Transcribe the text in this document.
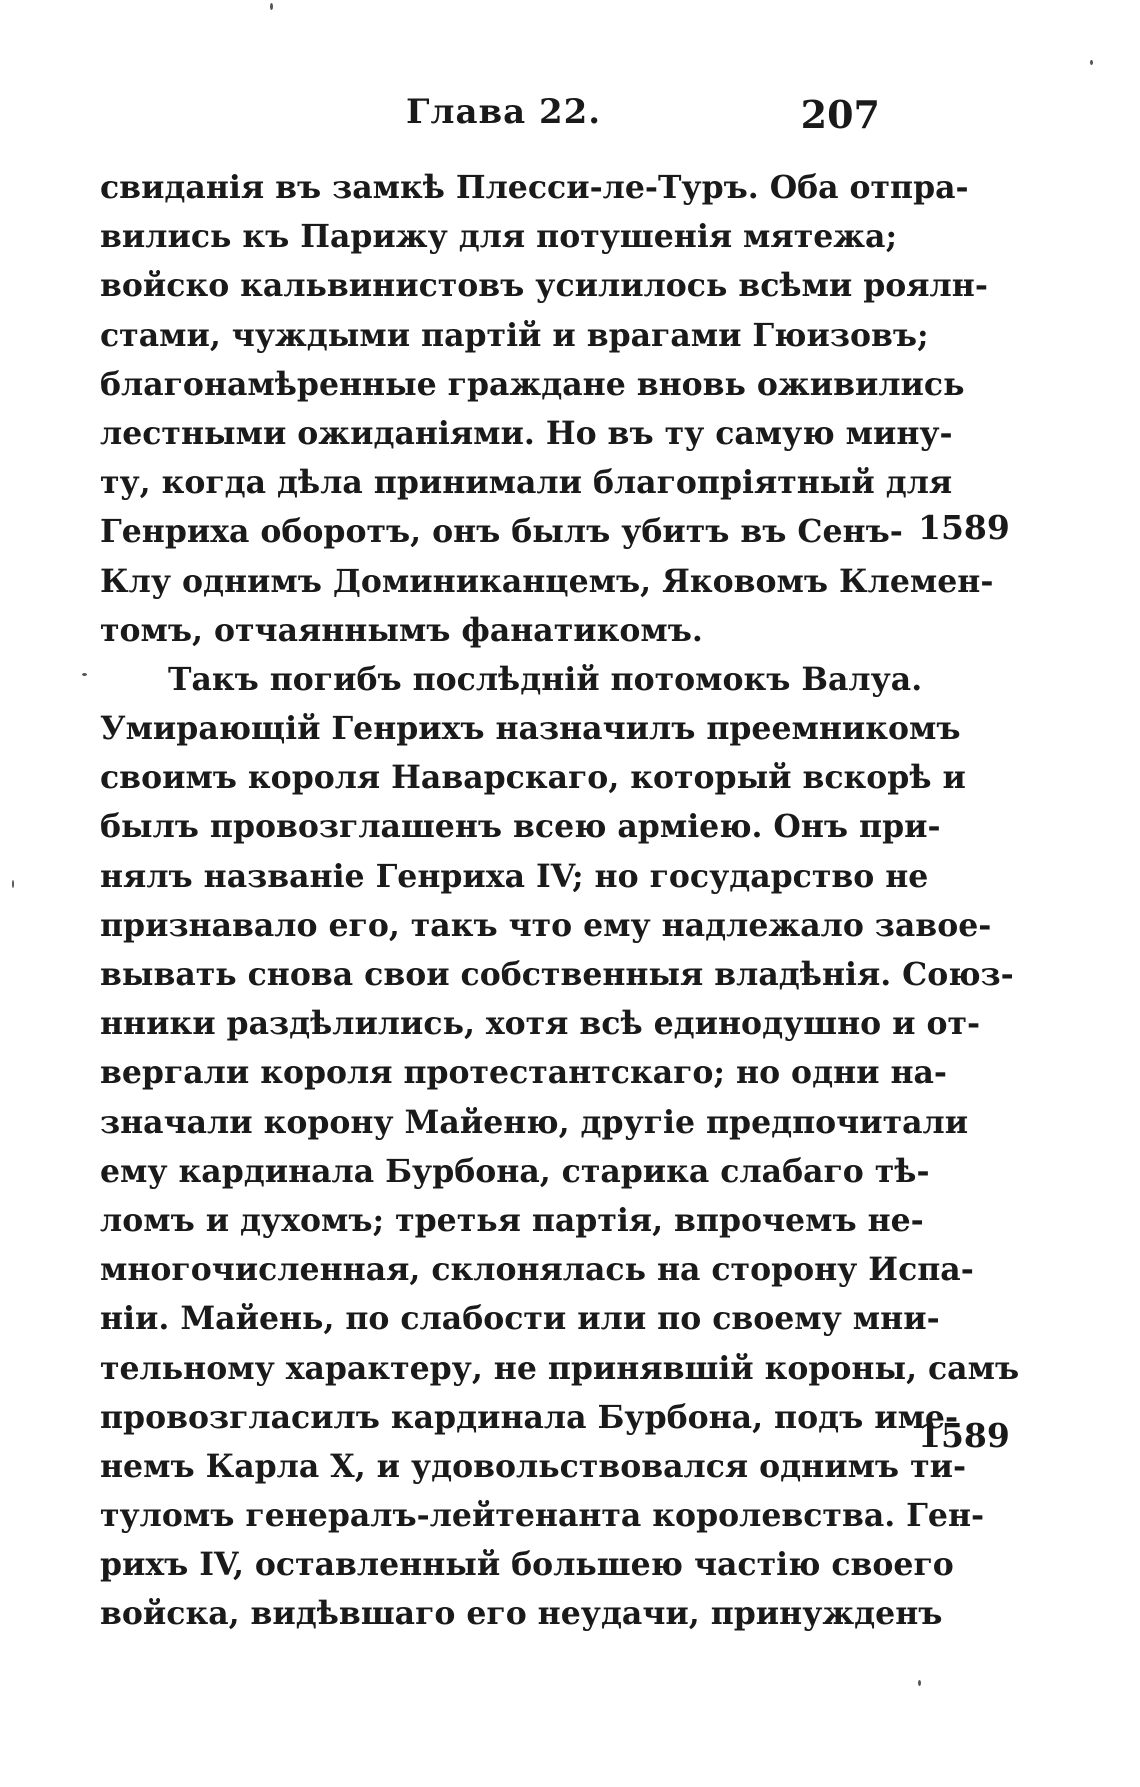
Глава 22.	207
свиданія въ замкѣ Плесси-ле-Туръ. Оба отпра-
вились къ Парижу для потушенія мятежа;
войско кальвинистовъ усилилось всѣми роялн-
стами, чуждыми партій и врагами Гюизовъ;
благонамѣренные граждане вновь оживились
лестными ожиданіями. Но въ ту самую мину-
ту, когда дѣла принимали благопріятный для
Генриха оборотъ, онъ былъ убитъ въ Сенъ-
Клу однимъ Доминиканцемъ, Яковомъ Клемен-
томъ, отчаяннымъ фанатикомъ.
Такъ погибъ послѣдній потомокъ Валуа.
Умирающій Генрихъ назначилъ преемникомъ
своимъ короля Наварскаго, который вскорѣ и
былъ провозглашенъ всею арміею. Онъ при-
нялъ названіе Генриха IV; но государство не
признавало его, такъ что ему надлежало завое-
вывать снова свои собственныя владѣнія. Союз-
нники раздѣлились, хотя всѣ единодушно и от-
вергали короля протестантскаго; но одни на-
значали корону Майеню, другіе предпочитали
ему кардинала Бурбона, старика слабаго тѣ-
ломъ и духомъ; третья партія, впрочемъ не-
многочисленная, склонялась на сторону Испа-
ніи. Майень, по слабости или по своему мни-
тельному характеру, не принявшій короны, самъ
провозгласилъ кардинала Бурбона, подъ име-
немъ Карла X, и удовольствовался однимъ ти-
туломъ генералъ-лейтенанта королевства. Ген-
рихъ IV, оставленный большею частію своего
войска, видѣвшаго его неудачи, принужденъ
1589
1589
